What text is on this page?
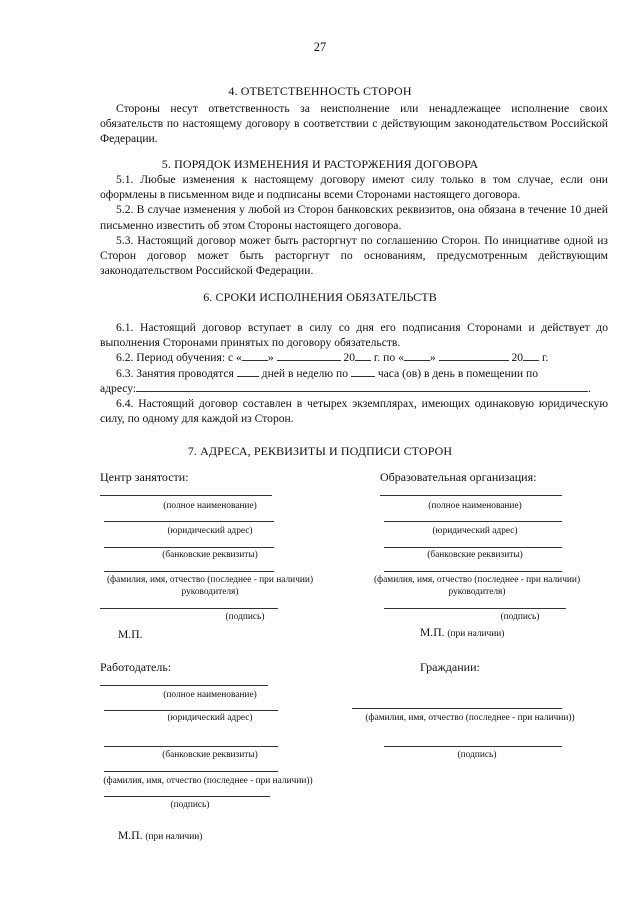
27
4. ОТВЕТСТВЕННОСТЬ СТОРОН
Стороны несут ответственность за неисполнение или ненадлежащее исполнение своих обязательств по настоящему договору в соответствии с действующим законодательством Российской Федерации.
5. ПОРЯДОК ИЗМЕНЕНИЯ И РАСТОРЖЕНИЯ ДОГОВОРА
5.1. Любые изменения к настоящему договору имеют силу только в том случае, если они оформлены в письменном виде и подписаны всеми Сторонами настоящего договора.
5.2. В случае изменения у любой из Сторон банковских реквизитов, она обязана в течение 10 дней письменно известить об этом Стороны настоящего договора.
5.3. Настоящий договор может быть расторгнут по соглашению Сторон. По инициативе одной из Сторон договор может быть расторгнут по основаниям, предусмотренным действующим законодательством Российской Федерации.
6. СРОКИ ИСПОЛНЕНИЯ ОБЯЗАТЕЛЬСТВ
6.1. Настоящий договор вступает в силу со дня его подписания Сторонами и действует до выполнения Сторонами принятых по договору обязательств.
6.2. Период обучения: с « »	20 г. по « »	20 г.
6.3. Занятия проводятся дней в неделю по	часа (ов) в день в помещении по
адресу:	.
6.4. Настоящий договор составлен в четырех экземплярах, имеющих одинаковую юридическую силу, по одному для каждой из Сторон.
7. АДРЕСА, РЕКВИЗИТЫ И ПОДПИСИ СТОРОН
Центр занятости:
(полное наименование)
(юридический адрес)
(банковские реквизиты)
(фамилия, имя, отчество (последнее - при наличии)
руководителя)
(подпись)
М.П.
Образовательная организация:
(полное наименование)
(юридический адрес)
(банковские реквизиты)
(фамилия, имя, отчество (последнее - при наличии)
руководителя)
(подпись)
М.П. (при наличии)
Работодатель:
(полное наименование)
(юридический адрес)
(банковские реквизиты)
(фамилия, имя, отчество (последнее - при наличии))
(подпись)
М.П. (при наличии)
Граждании:
(фамилия, имя, отчество (последнее - при наличии))
(подпись)
